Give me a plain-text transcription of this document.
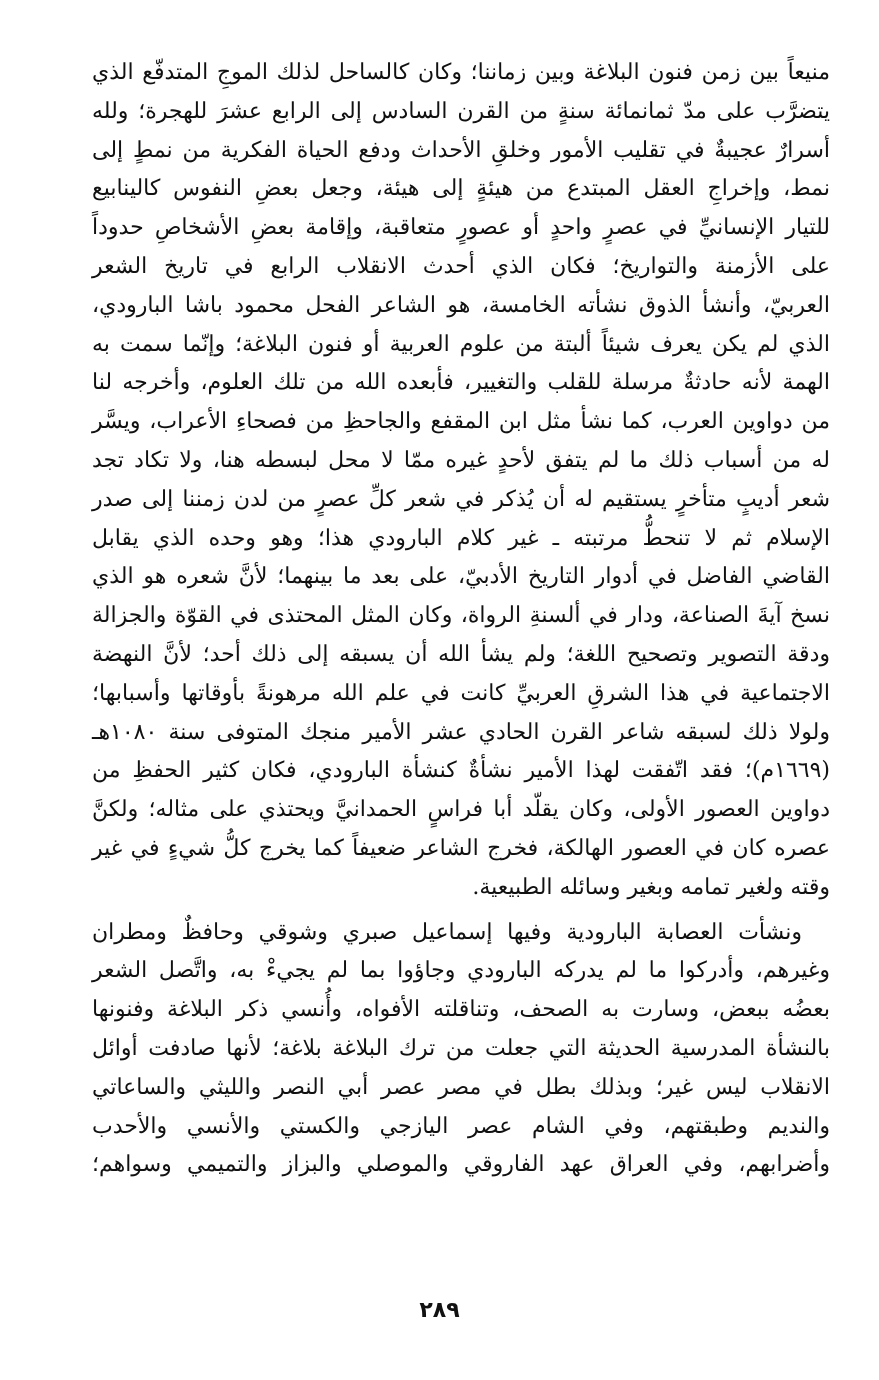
منيعاً بين زمن فنون البلاغة وبين زماننا؛ وكان كالساحل لذلك الموجِ المتدفّع الذي
يتضرَّب على مدّ ثمانمائة سنةٍ من القرن السادس إلى الرابع عشرَ للهجرة؛ ولله
أسرارٌ عجيبةٌ في تقليب الأمور وخلقِ الأحداث ودفع الحياة الفكرية من نمطٍ إلى
نمط، وإخراجِ العقل المبتدع من هيئةٍ إلى هيئة، وجعل بعضِ النفوس كالينابيع
للتيار الإنسانيِّ في عصرٍ واحدٍ أو عصورٍ متعاقبة، وإقامة بعضِ الأشخاصِ حدوداً
على الأزمنة والتواريخ؛ فكان الذي أحدث الانقلاب الرابع في تاريخ الشعر
العربيّ، وأنشأ الذوق نشأته الخامسة، هو الشاعر الفحل محمود باشا البارودي،
الذي لم يكن يعرف شيئاً ألبتة من علوم العربية أو فنون البلاغة؛ وإنّما سمت به
الهمة لأنه حادثةٌ مرسلة للقلب والتغيير، فأبعده الله من تلك العلوم، وأخرجه لنا
من دواوين العرب، كما نشأ مثل ابن المقفع والجاحظِ من فصحاءِ الأعراب، ويسَّر
له من أسباب ذلك ما لم يتفق لأحدٍ غيره ممّا لا محل لبسطه هنا، ولا تكاد تجد
شعر أديبٍ متأخرٍ يستقيم له أن يُذكر في شعر كلِّ عصرٍ من لدن زمننا إلى صدر
الإسلام ثم لا تنحطُّ مرتبته ـ غير كلام البارودي هذا؛ وهو وحده الذي يقابل
القاضي الفاضل في أدوار التاريخ الأدبيّ، على بعد ما بينهما؛ لأنَّ شعره هو الذي
نسخ آيةَ الصناعة، ودار في ألسنةِ الرواة، وكان المثل المحتذى في القوّة والجزالة
ودقة التصوير وتصحيح اللغة؛ ولم يشأ الله أن يسبقه إلى ذلك أحد؛ لأنَّ النهضة
الاجتماعية في هذا الشرقِ العربيِّ كانت في علم الله مرهونةً بأوقاتها وأسبابها؛
ولولا ذلك لسبقه شاعر القرن الحادي عشر الأمير منجك المتوفى سنة ١٠٨٠هـ
(١٦٦٩م)؛ فقد اتّفقت لهذا الأمير نشأةٌ كنشأة البارودي، فكان كثير الحفظِ من
دواوين العصور الأولى، وكان يقلّد أبا فراسٍ الحمدانيَّ ويحتذي على مثاله؛ ولكنَّ
عصره كان في العصور الهالكة، فخرج الشاعر ضعيفاً كما يخرج كلُّ شيءٍ في غير
وقته ولغير تمامه وبغير وسائله الطبيعية.
ونشأت العصابة البارودية وفيها إسماعيل صبري وشوقي وحافظٌ ومطران
وغيرهم، وأدركوا ما لم يدركه البارودي وجاؤوا بما لم يجيءْ به، واتَّصل الشعر
بعضُه ببعض، وسارت به الصحف، وتناقلته الأفواه، وأُنسي ذكر البلاغة وفنونها
بالنشأة المدرسية الحديثة التي جعلت من ترك البلاغة بلاغة؛ لأنها صادفت أوائل
الانقلاب ليس غير؛ وبذلك بطل في مصر عصر أبي النصر والليثي والساعاتي
والنديم وطبقتهم، وفي الشام عصر اليازجي والكستي والأنسي والأحدب
وأضرابهم، وفي العراق عهد الفاروقي والموصلي والبزاز والتميمي وسواهم؛
٢٨٩
